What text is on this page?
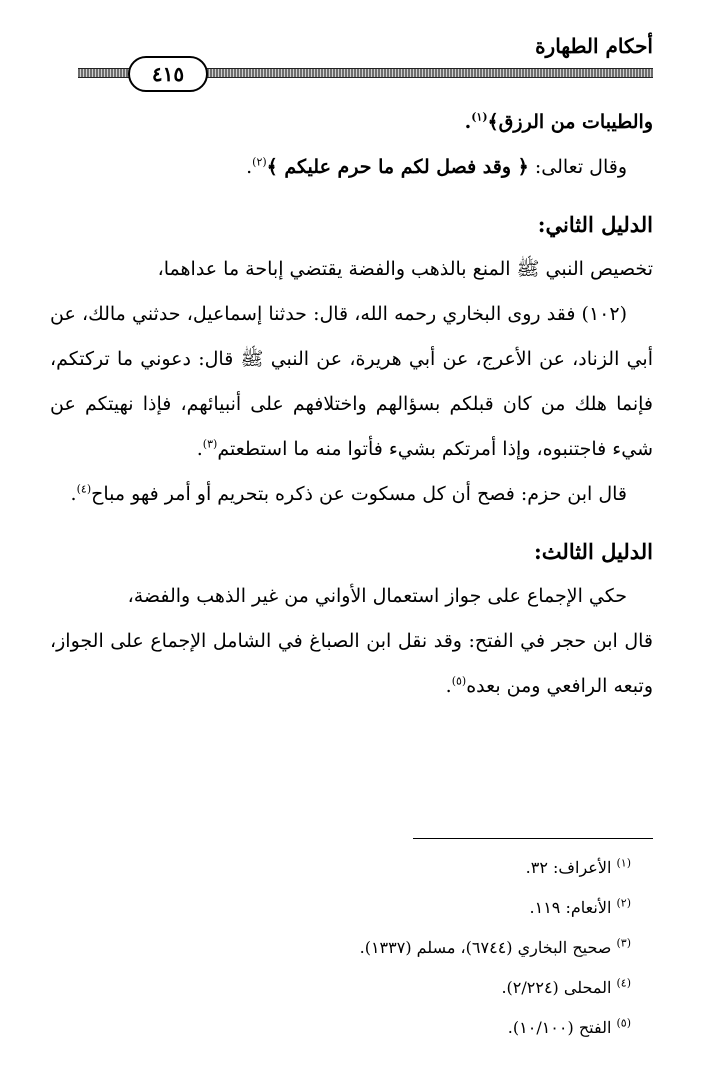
أحكام الطهارة
٤١٥

والطيبات من الرزق﴾$^{(١)}$.

وقال تعالى: ﴿ وقد فصل لكم ما حرم عليكم ﴾$^{(٢)}$.

الدليل الثاني:

تخصيص النبي ﷺ المنع بالذهب والفضة يقتضي إباحة ما عداهما،

(١٠٢) فقد روى البخاري رحمه الله، قال: حدثنا إسماعيل، حدثني مالك، عن أبي الزناد، عن الأعرج، عن أبي هريرة، عن النبي ﷺ قال: دعوني ما تركتكم، فإنما هلك من كان قبلكم بسؤالهم واختلافهم على أنبيائهم، فإذا نهيتكم عن شيء فاجتنبوه، وإذا أمرتكم بشيء فأتوا منه ما استطعتم$^{(٣)}$.

قال ابن حزم: فصح أن كل مسكوت عن ذكره بتحريم أو أمر فهو مباح$^{(٤)}$.

الدليل الثالث:

حكي الإجماع على جواز استعمال الأواني من غير الذهب والفضة،

قال ابن حجر في الفتح: وقد نقل ابن الصباغ في الشامل الإجماع على الجواز، وتبعه الرافعي ومن بعده$^{(٥)}$.

$^{(١)}$ الأعراف: ٣٢.

$^{(٢)}$ الأنعام: ١١٩.

$^{(٣)}$ صحيح البخاري (٦٧٤٤)، مسلم (١٣٣٧).

$^{(٤)}$ المحلى (٢/٢٢٤).

$^{(٥)}$ الفتح (١٠/١٠٠).
